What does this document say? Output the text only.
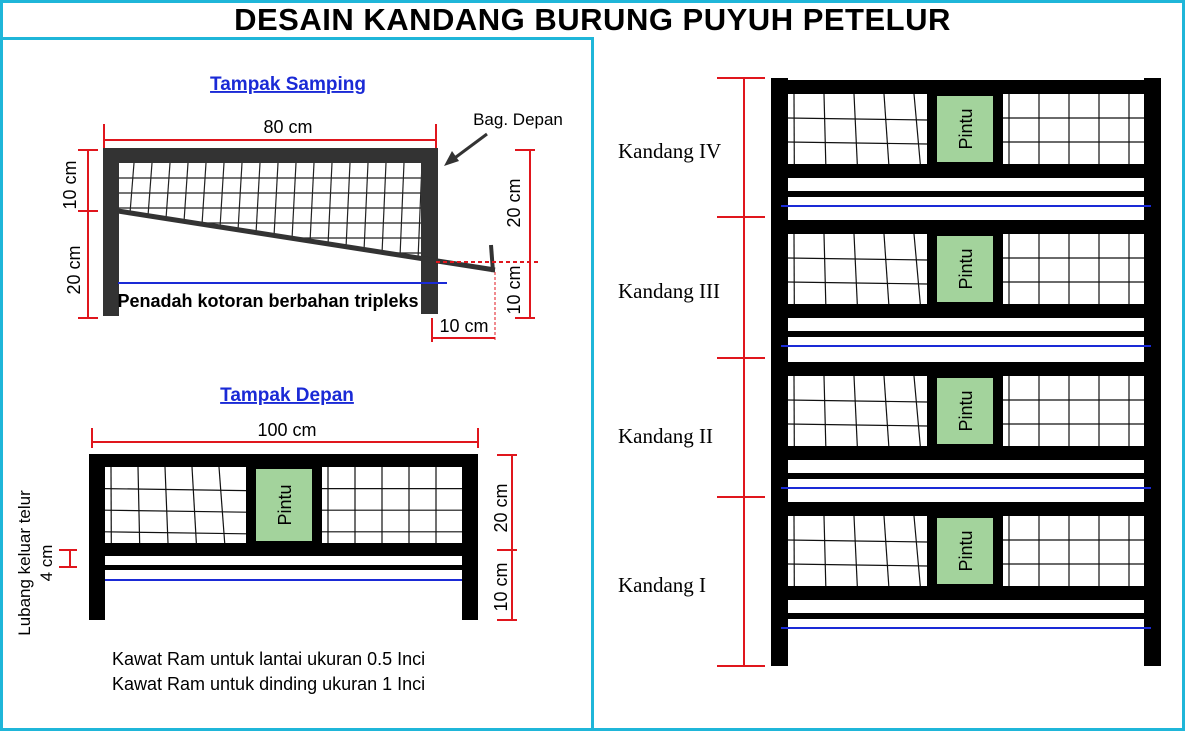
DESAIN KANDANG BURUNG PUYUH PETELUR
Tampak Samping
Penadah kotoran berbahan tripleks
80 cm	Bag. Depan
10 cm
20 cm
20 cm
10 cm
10 cm
Tampak Depan
Pintu
100 cm
20 cm
10 cm
Lubang keluar telur 4 cm
Kawat Ram untuk lantai ukuran 0.5 Inci
Kawat Ram untuk dinding ukuran 1 Inci
Pintu
Pintu
Pintu
Pintu
Kandang IV
Kandang III
Kandang II
Kandang I
